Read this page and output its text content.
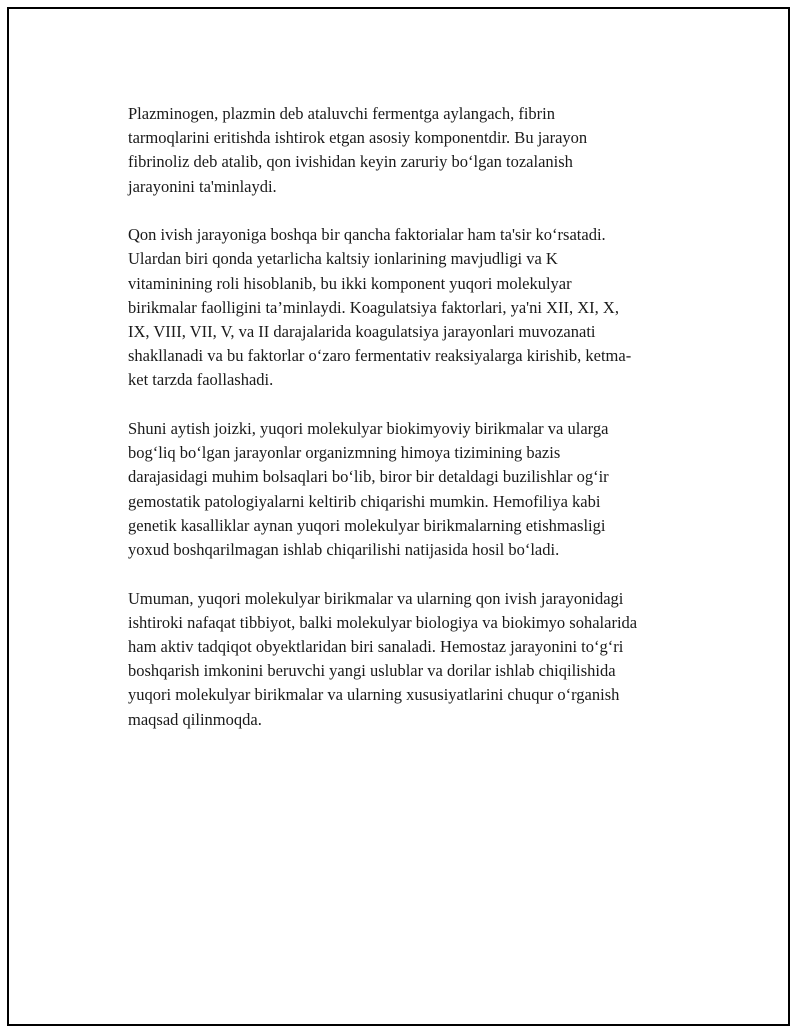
Plazminogen, plazmin deb ataluvchi fermentga aylangach, fibrin
tarmoqlarini eritishda ishtirok etgan asosiy komponentdir. Bu jarayon
fibrinoliz deb atalib, qon ivishidan keyin zaruriy bo‘lgan tozalanish
jarayonini ta'minlaydi.

Qon ivish jarayoniga boshqa bir qancha faktorialar ham ta'sir ko‘rsatadi.
Ulardan biri qonda yetarlicha kaltsiy ionlarining mavjudligi va K
vitaminining roli hisoblanib, bu ikki komponent yuqori molekulyar
birikmalar faolligini ta’minlaydi. Koagulatsiya faktorlari, ya'ni XII, XI, X,
IX, VIII, VII, V, va II darajalarida koagulatsiya jarayonlari muvozanati
shakllanadi va bu faktorlar o‘zaro fermentativ reaksiyalarga kirishib, ketma-
ket tarzda faollashadi.

Shuni aytish joizki, yuqori molekulyar biokimyoviy birikmalar va ularga
bog‘liq bo‘lgan jarayonlar organizmning himoya tizimining bazis
darajasidagi muhim bolsaqlari bo‘lib, biror bir detaldagi buzilishlar og‘ir
gemostatik patologiyalarni keltirib chiqarishi mumkin. Hemofiliya kabi
genetik kasalliklar aynan yuqori molekulyar birikmalarning etishmasligi
yoxud boshqarilmagan ishlab chiqarilishi natijasida hosil bo‘ladi.

Umuman, yuqori molekulyar birikmalar va ularning qon ivish jarayonidagi
ishtiroki nafaqat tibbiyot, balki molekulyar biologiya va biokimyo sohalarida
ham aktiv tadqiqot obyektlaridan biri sanaladi. Hemostaz jarayonini to‘g‘ri
boshqarish imkonini beruvchi yangi uslublar va dorilar ishlab chiqilishida
yuqori molekulyar birikmalar va ularning xususiyatlarini chuqur o‘rganish
maqsad qilinmoqda.
